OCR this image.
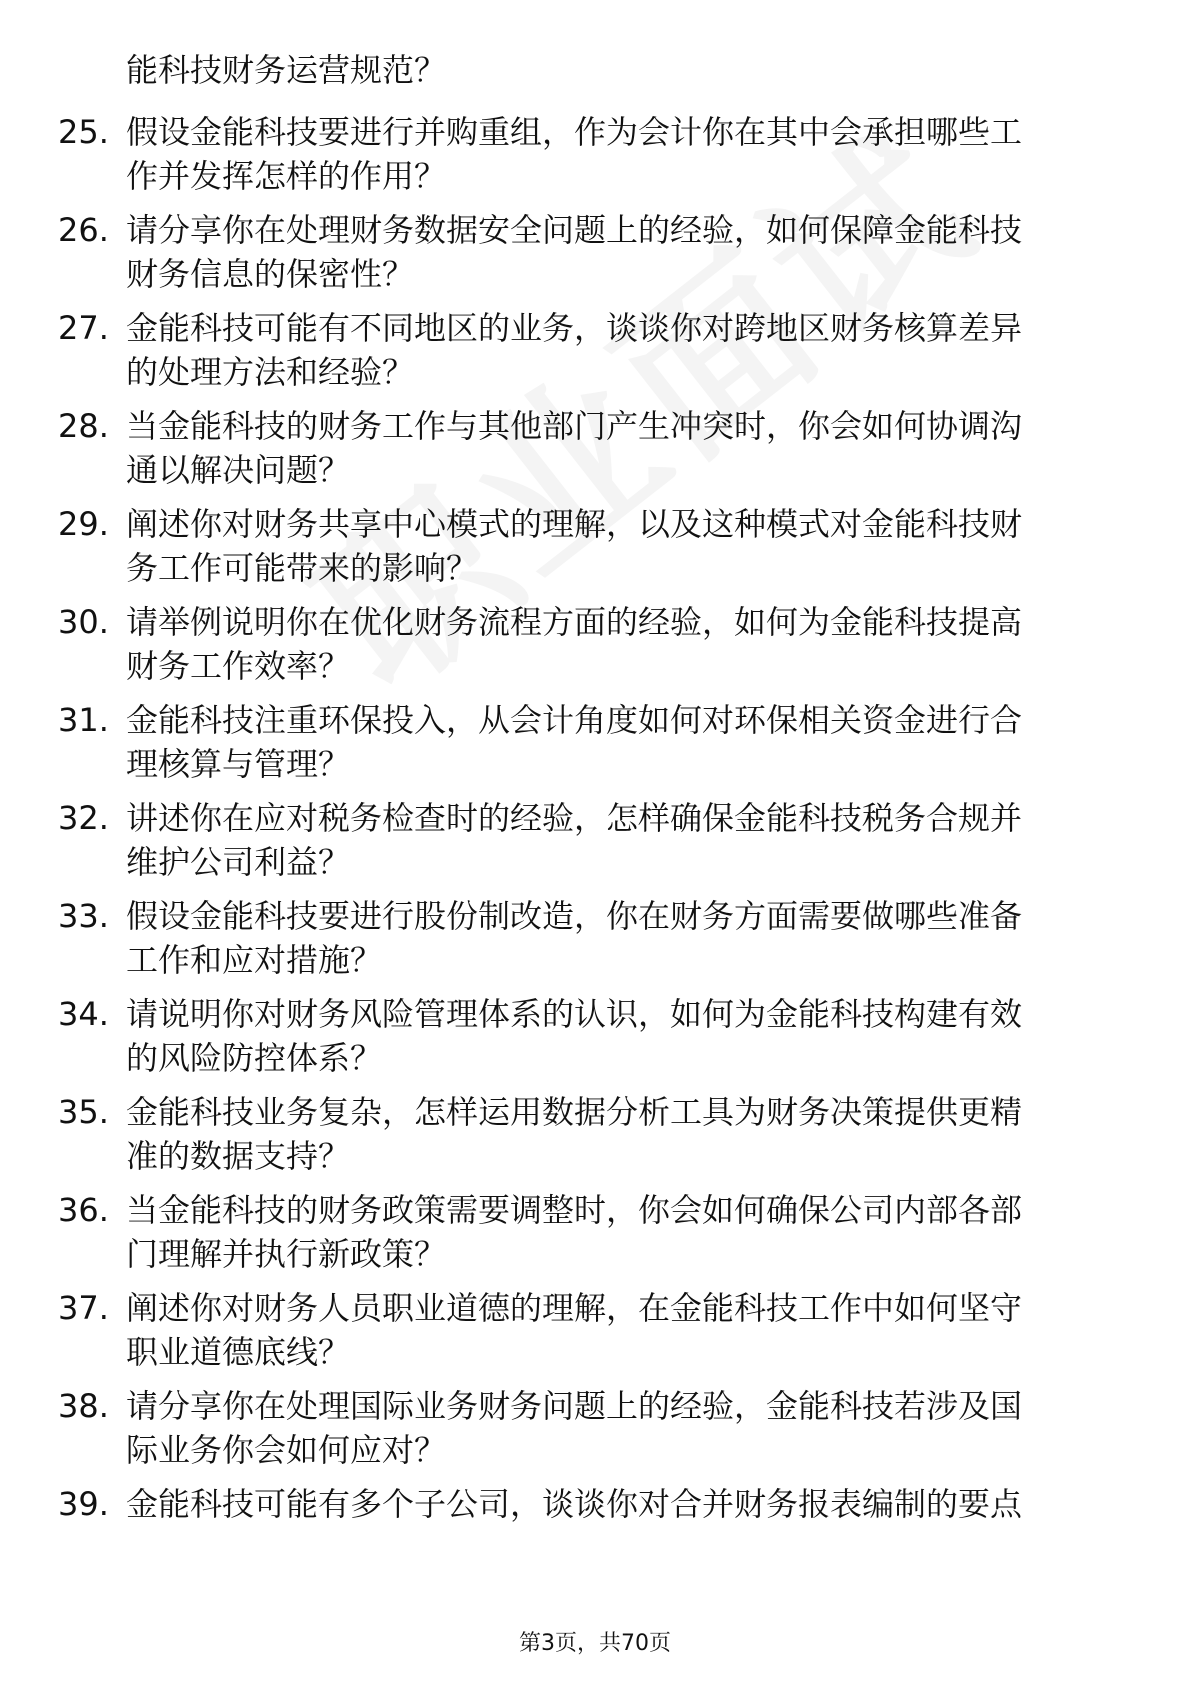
能科技财务运营规范？
25. 假设金能科技要进行并购重组，作为会计你在其中会承担哪些工
作并发挥怎样的作用？
26. 请分享你在处理财务数据安全问题上的经验，如何保障金能科技
财务信息的保密性？
27. 金能科技可能有不同地区的业务，谈谈你对跨地区财务核算差异
的处理方法和经验？
28. 当金能科技的财务工作与其他部门产生冲突时，你会如何协调沟
通以解决问题？
29. 阐述你对财务共享中心模式的理解，以及这种模式对金能科技财
务工作可能带来的影响？
30. 请举例说明你在优化财务流程方面的经验，如何为金能科技提高
财务工作效率？
31. 金能科技注重环保投入，从会计角度如何对环保相关资金进行合
理核算与管理？
32. 讲述你在应对税务检查时的经验，怎样确保金能科技税务合规并
维护公司利益？
33. 假设金能科技要进行股份制改造，你在财务方面需要做哪些准备
工作和应对措施？
34. 请说明你对财务风险管理体系的认识，如何为金能科技构建有效
的风险防控体系？
35. 金能科技业务复杂，怎样运用数据分析工具为财务决策提供更精
准的数据支持？
36. 当金能科技的财务政策需要调整时，你会如何确保公司内部各部
门理解并执行新政策？
37. 阐述你对财务人员职业道德的理解，在金能科技工作中如何坚守
职业道德底线？
38. 请分享你在处理国际业务财务问题上的经验，金能科技若涉及国
际业务你会如何应对？
39. 金能科技可能有多个子公司，谈谈你对合并财务报表编制的要点
第3页，共70页
